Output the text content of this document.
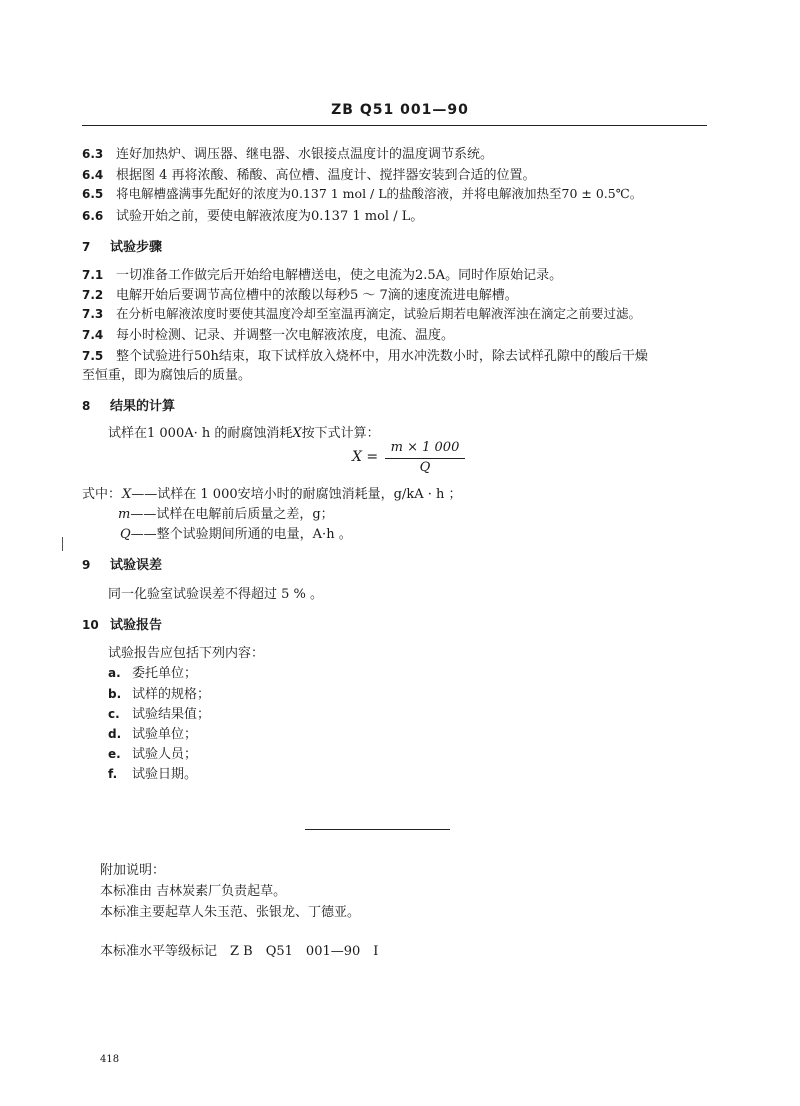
ZB Q51 001—90
6.3 连好加热炉、调压器、继电器、水银接点温度计的温度调节系统。
6.4 根据图 4 再将浓酸、稀酸、高位槽、温度计、搅拌器安装到合适的位置。
6.5 将电解槽盛满事先配好的浓度为0.137 1 mol / L的盐酸溶液，并将电解液加热至70 ± 0.5℃。
6.6 试验开始之前，要使电解液浓度为0.137 1 mol / L。
7 试验步骤
7.1 一切准备工作做完后开始给电解槽送电，使之电流为2.5A。同时作原始记录。
7.2 电解开始后要调节高位槽中的浓酸以每秒5 ～ 7滴的速度流进电解槽。
7.3 在分析电解液浓度时要使其温度冷却至室温再滴定，试验后期若电解液浑浊在滴定之前要过滤。
7.4 每小时检测、记录、并调整一次电解液浓度，电流、温度。
7.5 整个试验进行50h结束，取下试样放入烧杯中，用水冲洗数小时，除去试样孔隙中的酸后干燥
至恒重，即为腐蚀后的质量。
8 结果的计算
试样在1 000A· h 的耐腐蚀消耗X按下式计算：
X =
m × 1 000
Q
式中： X——试样在 1 000安培小时的耐腐蚀消耗量，g/kA · h ；
m——试样在电解前后质量之差，g；
Q——整个试验期间所通的电量，A·h 。
9 试验误差
同一化验室试验误差不得超过 5 % 。
10 试验报告
试验报告应包括下列内容：
a. 委托单位；
b. 试样的规格；
c. 试验结果值；
d. 试验单位；
e. 试验人员；
f. 试验日期。
附加说明：
本标准由 吉林炭素厂负责起草。
本标准主要起草人朱玉范、张银龙、丁德亚。
本标准水平等级标记　Z B　Q51　001—90　I
418
